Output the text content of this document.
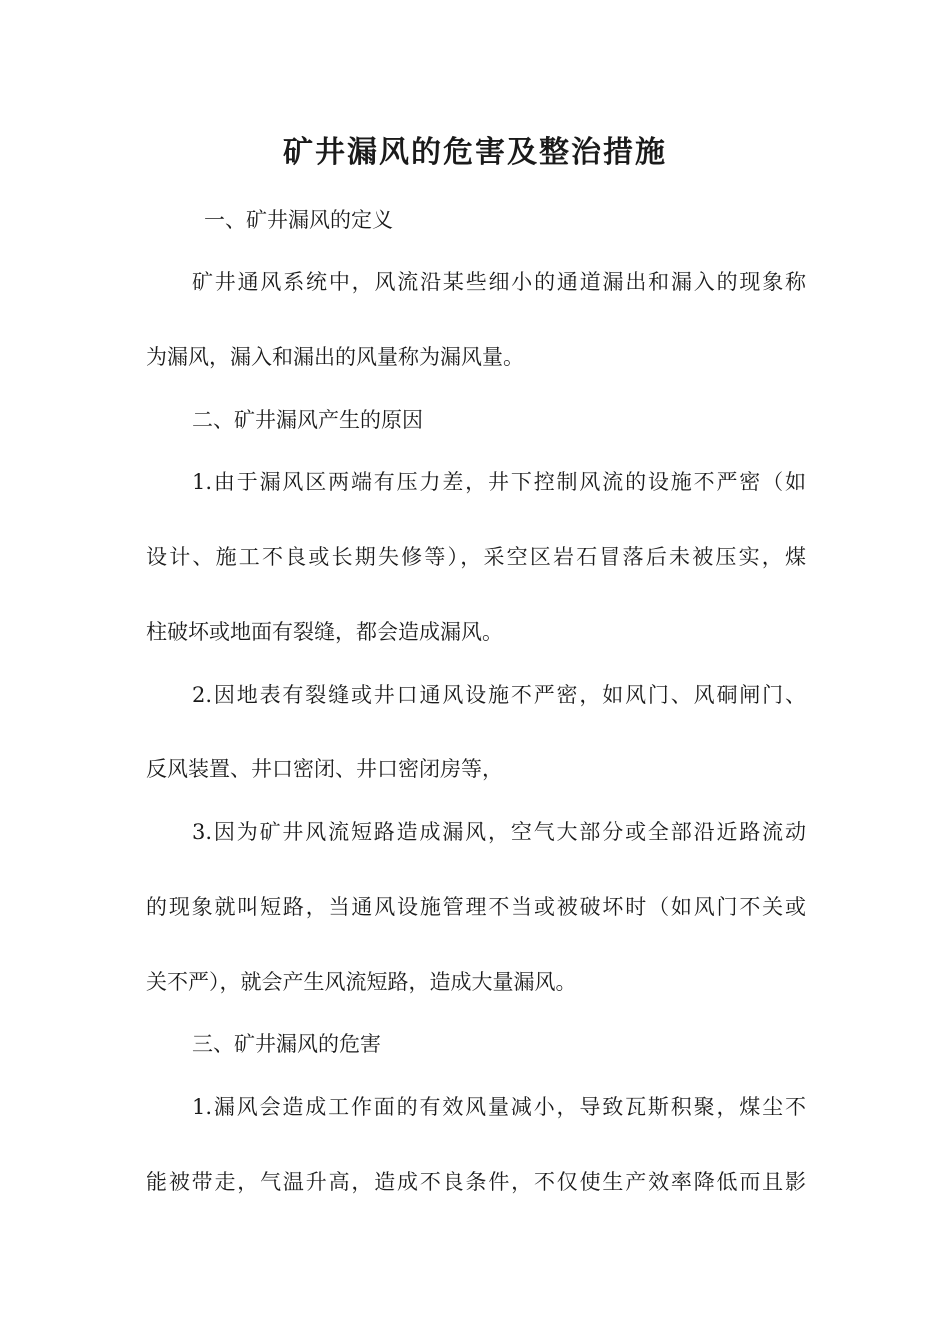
矿井漏风的危害及整治措施
一、矿井漏风的定义
矿井通风系统中，风流沿某些细小的通道漏出和漏入的现象称
为漏风，漏入和漏出的风量称为漏风量。
二、矿井漏风产生的原因
1.由于漏风区两端有压力差，井下控制风流的设施不严密（如
设计、施工不良或长期失修等），采空区岩石冒落后未被压实，煤
柱破坏或地面有裂缝，都会造成漏风。
2.因地表有裂缝或井口通风设施不严密，如风门、风硐闸门、
反风装置、井口密闭、井口密闭房等，
3.因为矿井风流短路造成漏风，空气大部分或全部沿近路流动
的现象就叫短路，当通风设施管理不当或被破坏时（如风门不关或
关不严），就会产生风流短路，造成大量漏风。
三、矿井漏风的危害
1.漏风会造成工作面的有效风量减小，导致瓦斯积聚，煤尘不
能被带走，气温升高，造成不良条件，不仅使生产效率降低而且影
